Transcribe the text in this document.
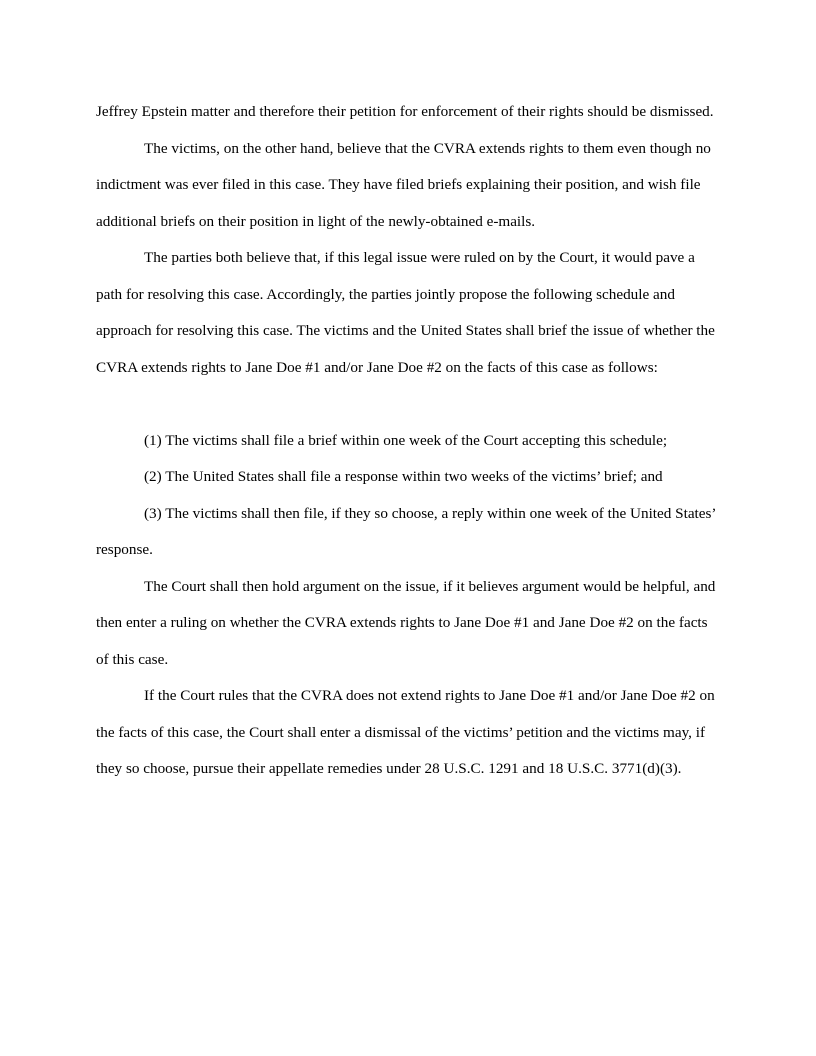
Jeffrey Epstein matter and therefore their petition for enforcement of their rights should be dismissed.

The victims, on the other hand, believe that the CVRA extends rights to them even though no indictment was ever filed in this case. They have filed briefs explaining their position, and wish file additional briefs on their position in light of the newly-obtained e-mails.

The parties both believe that, if this legal issue were ruled on by the Court, it would pave a path for resolving this case. Accordingly, the parties jointly propose the following schedule and approach for resolving this case. The victims and the United States shall brief the issue of whether the CVRA extends rights to Jane Doe #1 and/or Jane Doe #2 on the facts of this case as follows:

(1) The victims shall file a brief within one week of the Court accepting this schedule;

(2) The United States shall file a response within two weeks of the victims’ brief; and

(3) The victims shall then file, if they so choose, a reply within one week of the United States’ response.

The Court shall then hold argument on the issue, if it believes argument would be helpful, and then enter a ruling on whether the CVRA extends rights to Jane Doe #1 and Jane Doe #2 on the facts of this case.

If the Court rules that the CVRA does not extend rights to Jane Doe #1 and/or Jane Doe #2 on the facts of this case, the Court shall enter a dismissal of the victims’ petition and the victims may, if they so choose, pursue their appellate remedies under 28 U.S.C. 1291 and 18 U.S.C. 3771(d)(3).
